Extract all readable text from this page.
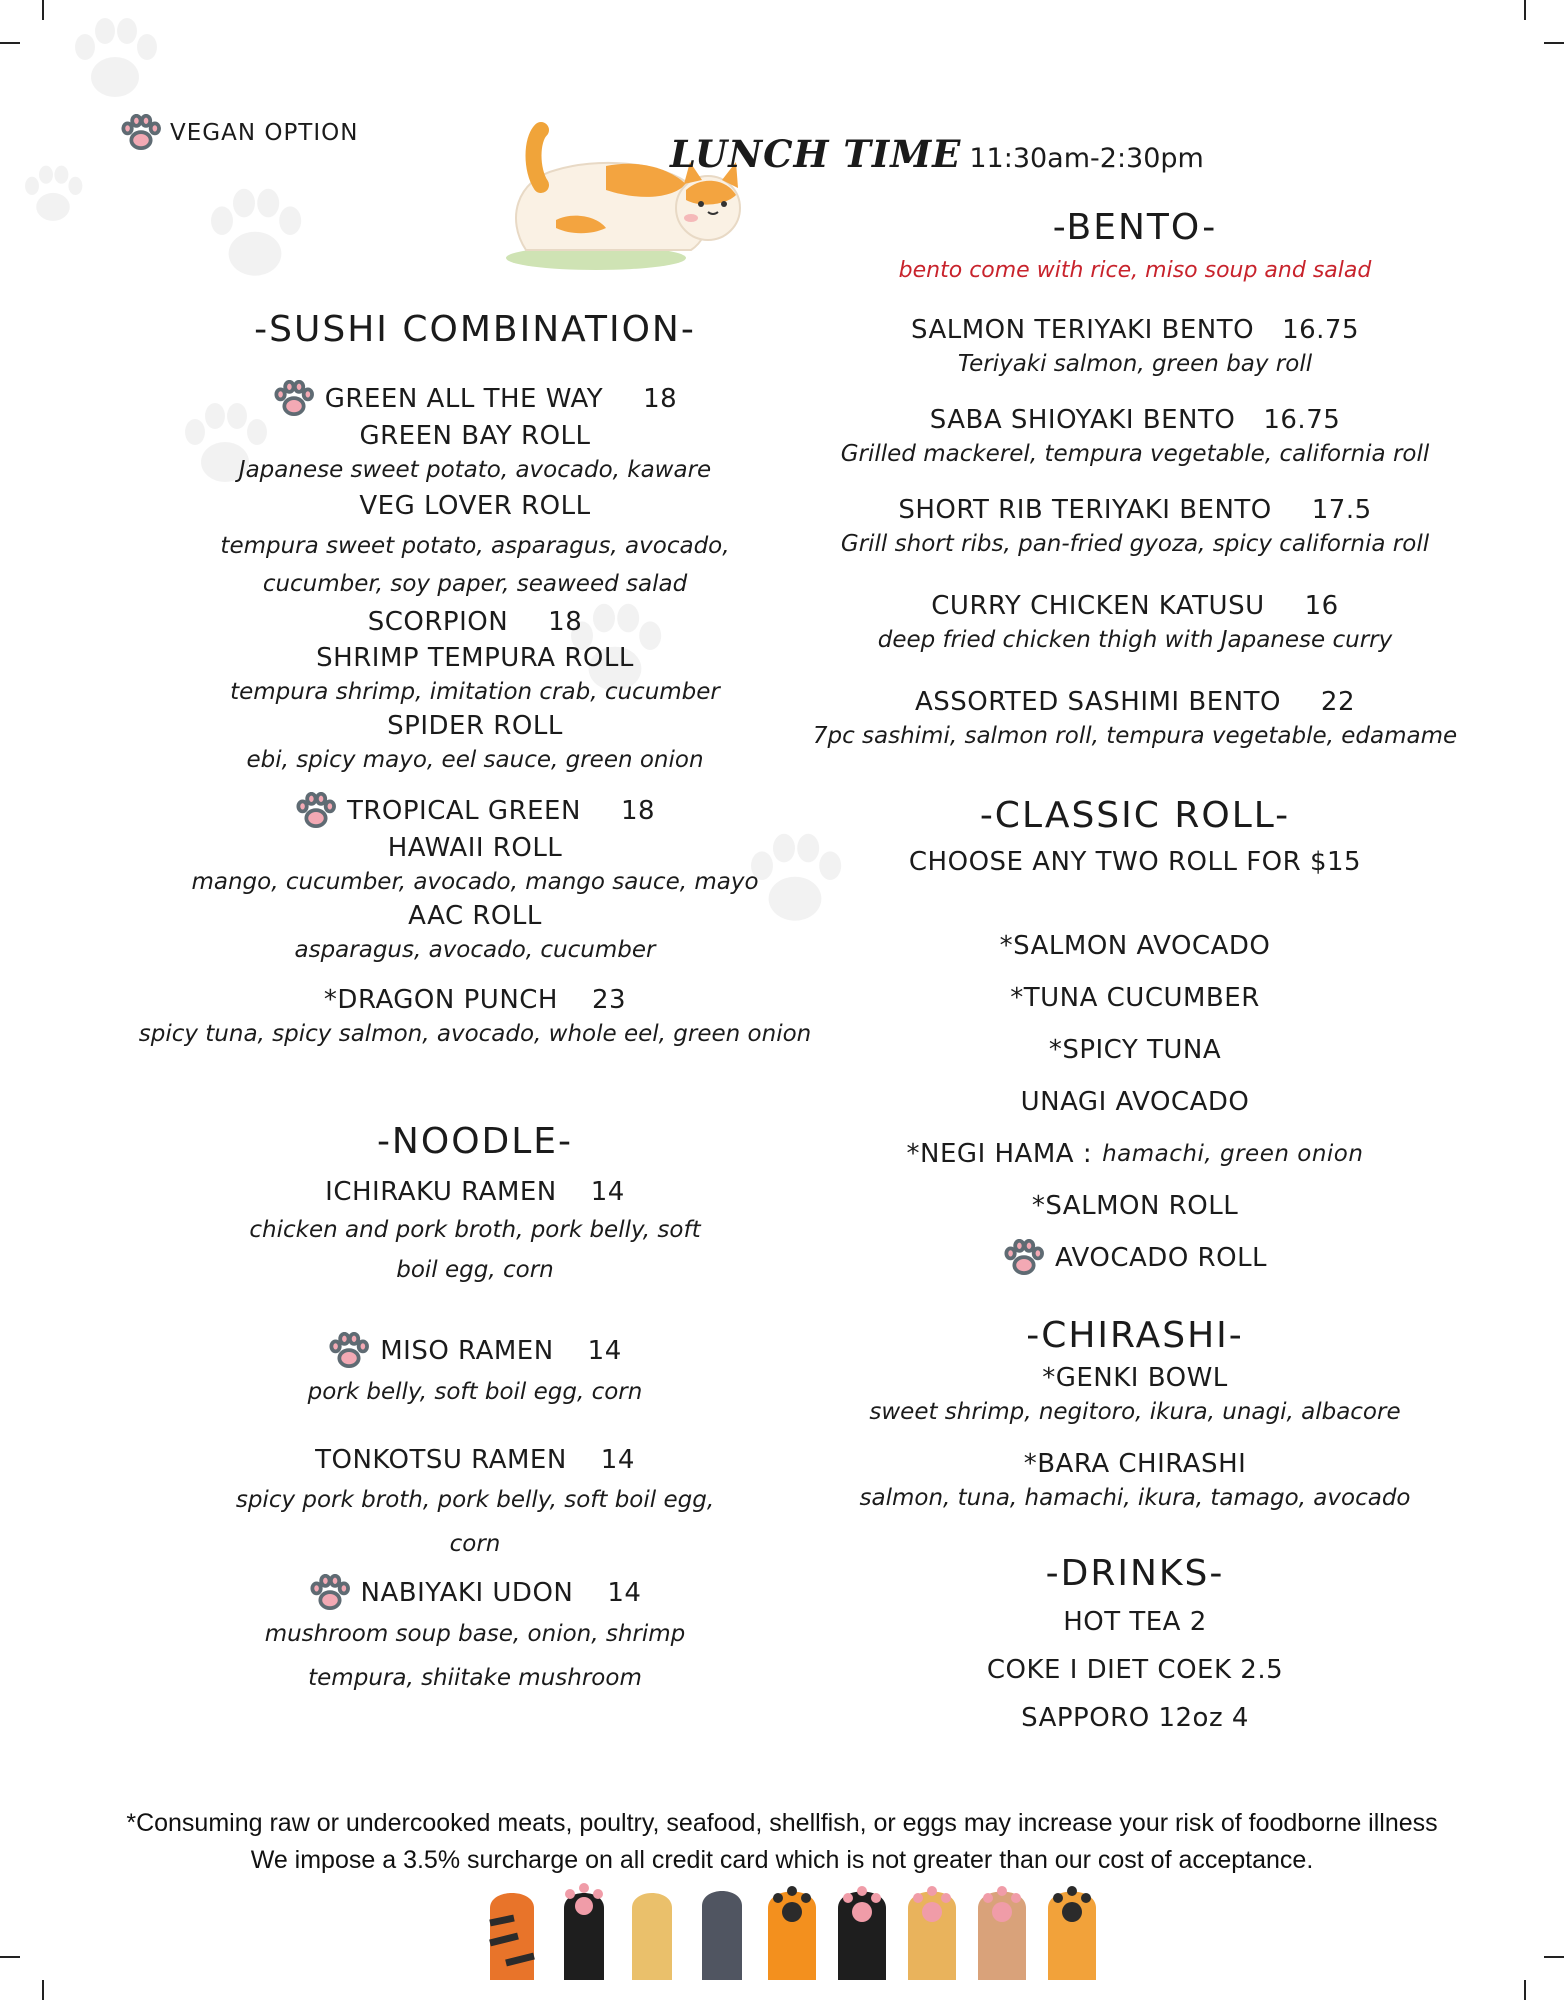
VEGAN OPTION	LUNCH TIME 11:30am-2:30pm
-SUSHI COMBINATION-
GREEN ALL THE WAY 18
GREEN BAY ROLL
Japanese sweet potato, avocado, kaware
VEG LOVER ROLL
tempura sweet potato, asparagus, avocado,
cucumber, soy paper, seaweed salad
SCORPION 18
SHRIMP TEMPURA ROLL
tempura shrimp, imitation crab, cucumber
SPIDER ROLL
ebi, spicy mayo, eel sauce, green onion
TROPICAL GREEN 18
HAWAII ROLL
mango, cucumber, avocado, mango sauce, mayo
AAC ROLL
asparagus, avocado, cucumber
*DRAGON PUNCH 23
spicy tuna, spicy salmon, avocado, whole eel, green onion
-NOODLE-
ICHIRAKU RAMEN 14
chicken and pork broth, pork belly, soft
boil egg, corn
MISO RAMEN 14
pork belly, soft boil egg, corn
TONKOTSU RAMEN 14
spicy pork broth, pork belly, soft boil egg,
corn
NABIYAKI UDON 14
mushroom soup base, onion, shrimp
tempura, shiitake mushroom
-BENTO-
bento come with rice, miso soup and salad
SALMON TERIYAKI BENTO 16.75
Teriyaki salmon, green bay roll
SABA SHIOYAKI BENTO 16.75
Grilled mackerel, tempura vegetable, california roll
SHORT RIB TERIYAKI BENTO 17.5
Grill short ribs, pan-fried gyoza, spicy california roll
CURRY CHICKEN KATUSU 16
deep fried chicken thigh with Japanese curry
ASSORTED SASHIMI BENTO 22
7pc sashimi, salmon roll, tempura vegetable, edamame
-CLASSIC ROLL-
CHOOSE ANY TWO ROLL FOR $15
*SALMON AVOCADO
*TUNA CUCUMBER
*SPICY TUNA
UNAGI AVOCADO
*NEGI HAMA : hamachi, green onion
*SALMON ROLL
AVOCADO ROLL
-CHIRASHI-
*GENKI BOWL
sweet shrimp, negitoro, ikura, unagi, albacore
*BARA CHIRASHI
salmon, tuna, hamachi, ikura, tamago, avocado
-DRINKS-
HOT TEA 2
COKE I DIET COEK 2.5
SAPPORO 12oz 4
*Consuming raw or undercooked meats, poultry, seafood, shellfish, or eggs may increase your risk of foodborne illness
We impose a 3.5% surcharge on all credit card which is not greater than our cost of acceptance.
